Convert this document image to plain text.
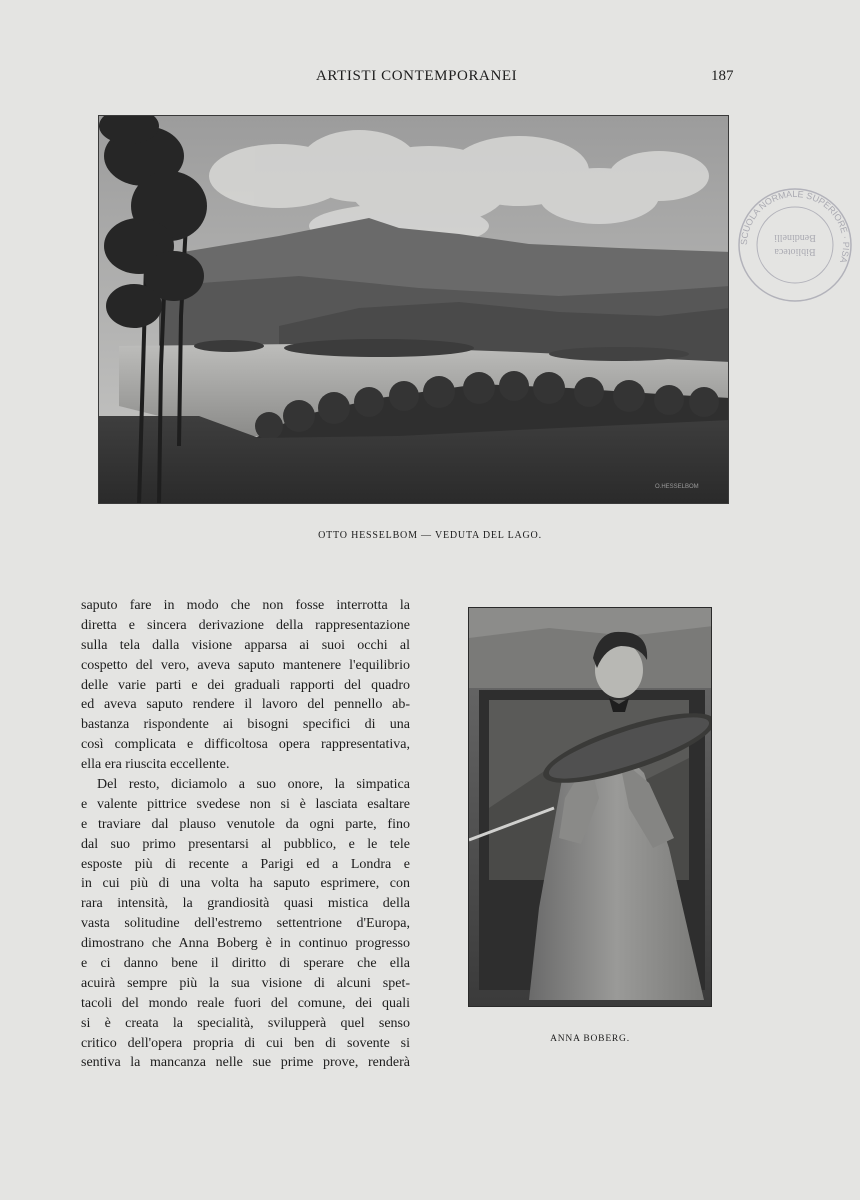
ARTISTI CONTEMPORANEI	187
O.HESSELBOM
OTTO HESSELBOM — VEDUTA DEL LAGO.
SCUOLA NORMALE SUPERIORE · PISA
Biblioteca
Bendinelli
saputo fare in modo che non fosse interrotta la
diretta e sincera derivazione della rappresentazione
sulla tela dalla visione apparsa ai suoi occhi al
cospetto del vero, aveva saputo mantenere l'equilibrio
delle varie parti e dei graduali rapporti del quadro
ed aveva saputo rendere il lavoro del pennello ab-
bastanza rispondente ai bisogni specifici di una
così complicata e difficoltosa opera rappresentativa,
ella era riuscita eccellente.
Del resto, diciamolo a suo onore, la simpatica
e valente pittrice svedese non si è lasciata esaltare
e traviare dal plauso venutole da ogni parte, fino
dal suo primo presentarsi al pubblico, e le tele
esposte più di recente a Parigi ed a Londra e
in cui più di una volta ha saputo esprimere, con
rara intensità, la grandiosità quasi mistica della
vasta solitudine dell'estremo settentrione d'Europa,
dimostrano che Anna Boberg è in continuo progresso
e ci danno bene il diritto di sperare che ella
acuirà sempre più la sua visione di alcuni spet-
tacoli del mondo reale fuori del comune, dei quali
si è creata la specialità, svilupperà quel senso
critico dell'opera propria di cui ben di sovente si
sentiva la mancanza nelle sue prime prove, renderà
ANNA BOBERG.
